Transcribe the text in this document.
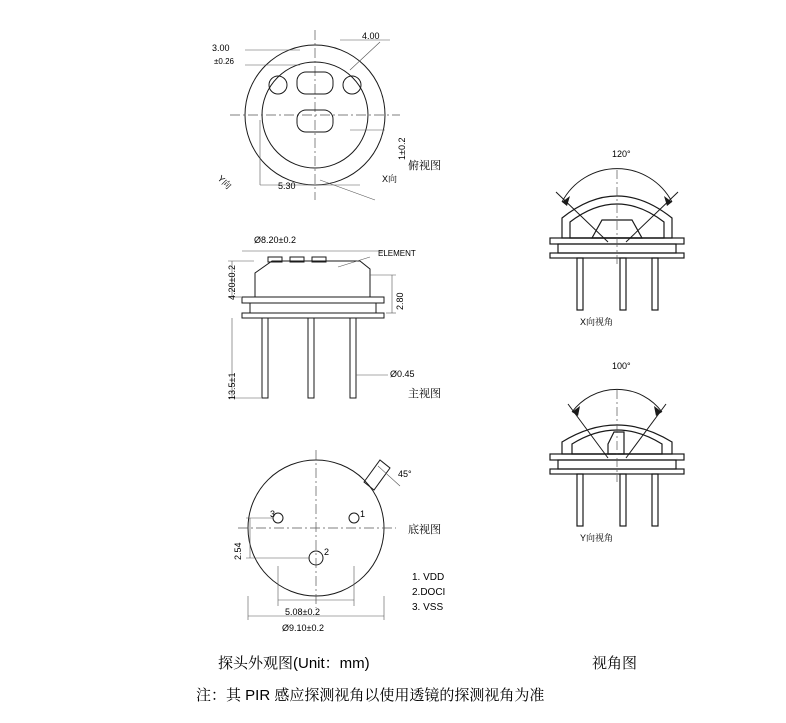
3.00
±0.26
4.00
1±0.2
5.30
Y向	X向
俯视图
4.20±0.2
Ø8.20±0.2
ELEMENT
2.80
13.5±1	Ø0.45
主视图
2.54
5.08±0.2
Ø9.10±0.2
45°
3	1
2
底视图
1. VDD
2.DOCI
3. VSS
120°
X向视角
100°
Y向视角
探头外观图(Unit：mm)	视角图
注：其 PIR 感应探测视角以使用透镜的探测视角为准
